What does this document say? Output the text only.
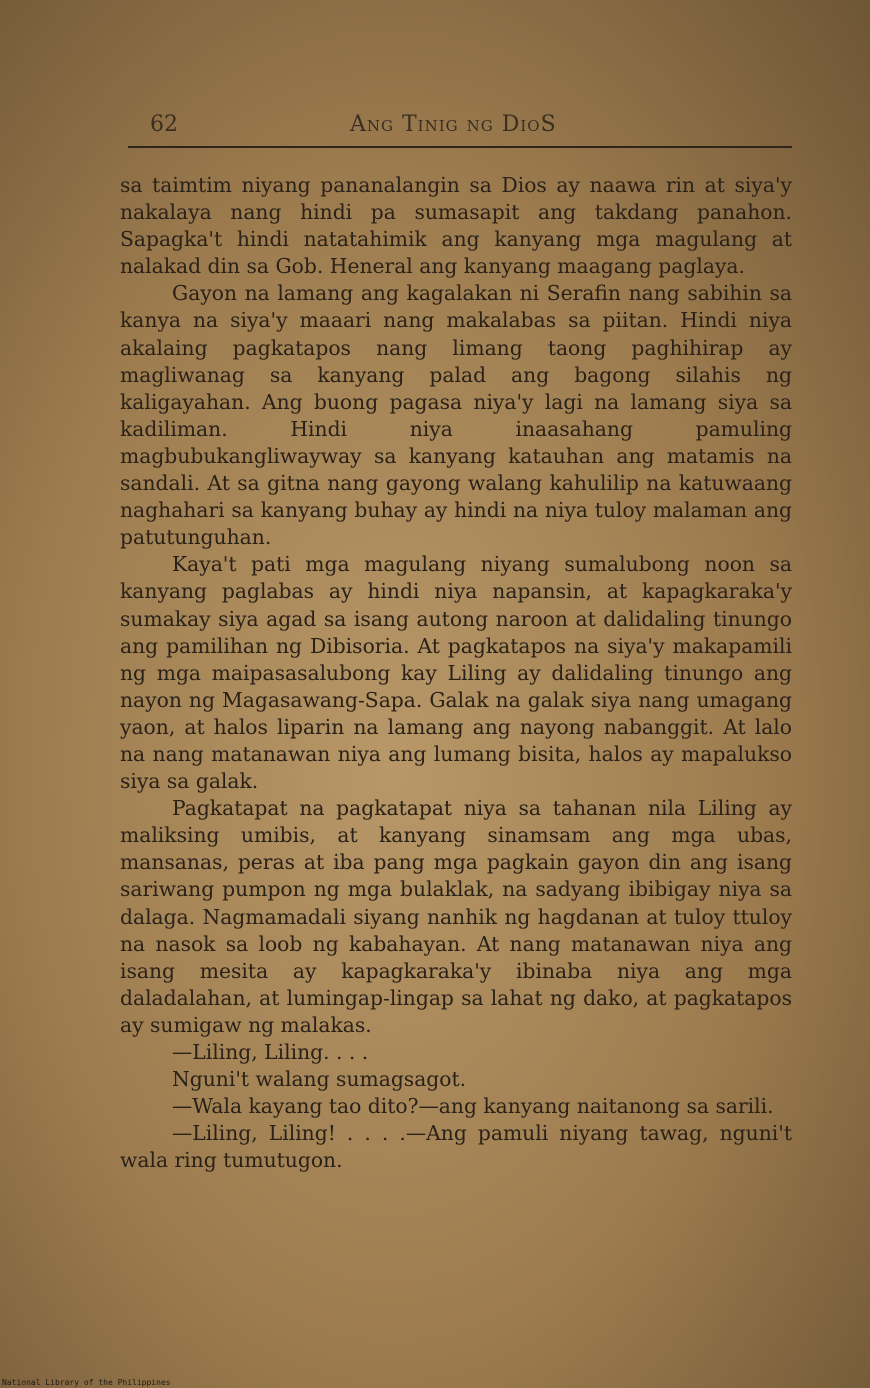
62	Ang Tinig ng DioS

sa taimtim niyang pananalangin sa Dios ay naawa rin at siya'y nakalaya nang hindi pa sumasapit ang takdang panahon. Sapagka't hindi natatahimik ang kanyang mga magulang at nalakad din sa Gob. Heneral ang kanyang maagang paglaya.

Gayon na lamang ang kagalakan ni Serafin nang sabihin sa kanya na siya'y maaari nang makalabas sa piitan. Hindi niya akalaing pagkatapos nang limang taong paghihirap ay magliwanag sa kanyang palad ang bagong silahis ng kaligayahan. Ang buong pagasa niya'y lagi na lamang siya sa kadiliman. Hindi niya inaasahang pamuling magbubukangliwayway sa kanyang katauhan ang matamis na sandali. At sa gitna nang gayong walang kahulilip na katuwaang naghahari sa kanyang buhay ay hindi na niya tuloy malaman ang patutunguhan.

Kaya't pati mga magulang niyang sumalubong noon sa kanyang paglabas ay hindi niya napansin, at kapagkaraka'y sumakay siya agad sa isang autong naroon at dalidaling tinungo ang pamilihan ng Dibisoria. At pagkatapos na siya'y makapamili ng mga maipasasalubong kay Liling ay dalidaling tinungo ang nayon ng Magasawang-Sapa. Galak na galak siya nang umagang yaon, at halos liparin na lamang ang nayong nabanggit. At lalo na nang matanawan niya ang lumang bisita, halos ay mapalukso siya sa galak.

Pagkatapat na pagkatapat niya sa tahanan nila Liling ay maliksing umibis, at kanyang sinamsam ang mga ubas, mansanas, peras at iba pang mga pagkain gayon din ang isang sariwang pumpon ng mga bulaklak, na sadyang ibibigay niya sa dalaga. Nagmamadali siyang nanhik ng hagdanan at tuloy ttuloy na nasok sa loob ng kabahayan. At nang matanawan niya ang isang mesita ay kapagkaraka'y ibinaba niya ang mga daladalahan, at lumingap-lingap sa lahat ng dako, at pagkatapos ay sumigaw ng malakas.

—Liling, Liling. . . .

Nguni't walang sumagsagot.

—Wala kayang tao dito?—ang kanyang naitanong sa sarili.

—Liling, Liling! . . . .—Ang pamuli niyang tawag, nguni't wala ring tumutugon.

National Library of the Philippines
